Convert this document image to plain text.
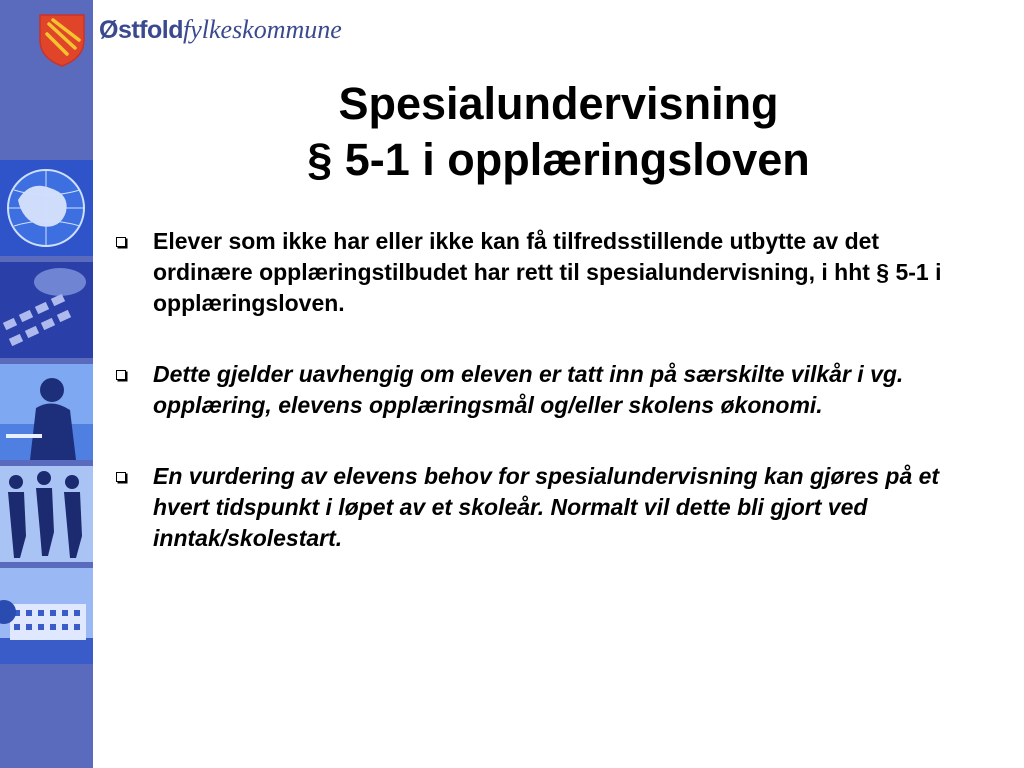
Østfoldfylkeskommune
Spesialundervisning
§ 5-1 i opplæringsloven
Elever som ikke har eller ikke kan få tilfredsstillende utbytte av det ordinære opplæringstilbudet har rett til spesialundervisning, i hht § 5-1 i opplæringsloven.
Dette gjelder uavhengig om eleven er tatt inn på særskilte vilkår i vg. opplæring, elevens opplæringsmål og/eller skolens økonomi.
En vurdering av elevens behov for spesialundervisning kan gjøres på et hvert tidspunkt i løpet av et skoleår. Normalt vil dette bli gjort ved inntak/skolestart.
